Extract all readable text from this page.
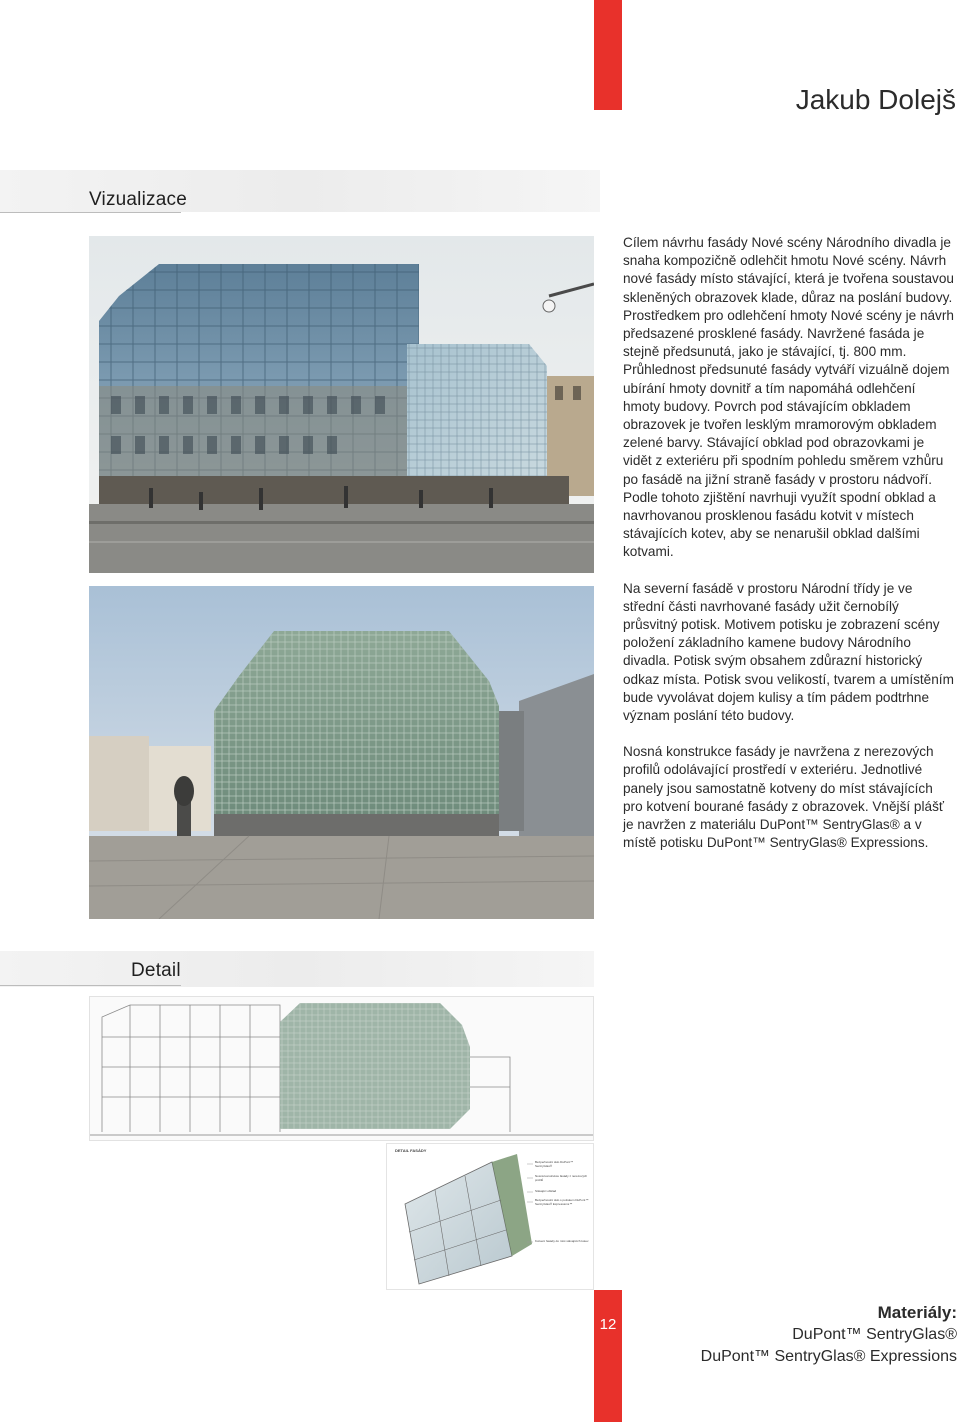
Jakub Dolejš
Vizualizace

Cílem návrhu fasády Nové scény Národního divadla je snaha kompozičně odlehčit hmotu Nové scény. Návrh nové fasády místo stávající, která je tvořena soustavou skleněných obrazovek klade, důraz na poslání budovy. Prostředkem pro odlehčení hmoty Nové scény je návrh předsazené prosklené fasády. Navržené fasáda je stejně předsunutá, jako je stávající, tj. 800 mm. Průhlednost předsunuté fasády vytváří vizuálně dojem ubírání hmoty dovnitř a tím napomáhá odlehčení hmoty budovy. Povrch pod stávajícím obkladem obrazovek je tvořen lesklým mramorovým obkladem zelené barvy. Stávající obklad pod obrazovkami je vidět z exteriéru při spodním pohledu směrem vzhůru po fasádě na jižní straně fasády v prostoru nádvoří. Podle tohoto zjištění navrhuji využít spodní obklad a navrhovanou prosklenou fasádu kotvit v místech stávajících kotev, aby se nenarušil obklad dalšími kotvami.

Na severní fasádě v prostoru Národní třídy je ve střední části navrhované fasády užit černobílý průsvitný potisk. Motivem potisku je zobrazení scény položení základního kamene budovy Národního divadla. Potisk svým obsahem zdůrazní historický odkaz místa. Potisk svou velikostí, tvarem a umístěním bude vyvolávat dojem kulisy a tím pádem podtrhne význam poslání této budovy.

Nosná konstrukce fasády je navržena z nerezových profilů odolávající prostředí v exteriéru. Jednotlivé panely jsou samostatně kotveny do míst stávajících pro kotvení bourané fasády z obrazovek. Vnější plášť je navržen z materiálu DuPont™ SentryGlas® a v místě potisku DuPont™ SentryGlas® Expressions.

Detail
DETAIL FASÁDY
Bezpečnostní sklo DuPont™ SentryGlas®
Nosná konstrukce fasády z nerezových profilů
Stávající obklad
Bezpečnostní sklo s potiskem DuPont™ SentryGlas® Expressions™
Kotvení fasády do míst stávajících kotev
12
Materiály:
DuPont™ SentryGlas®
DuPont™ SentryGlas® Expressions
